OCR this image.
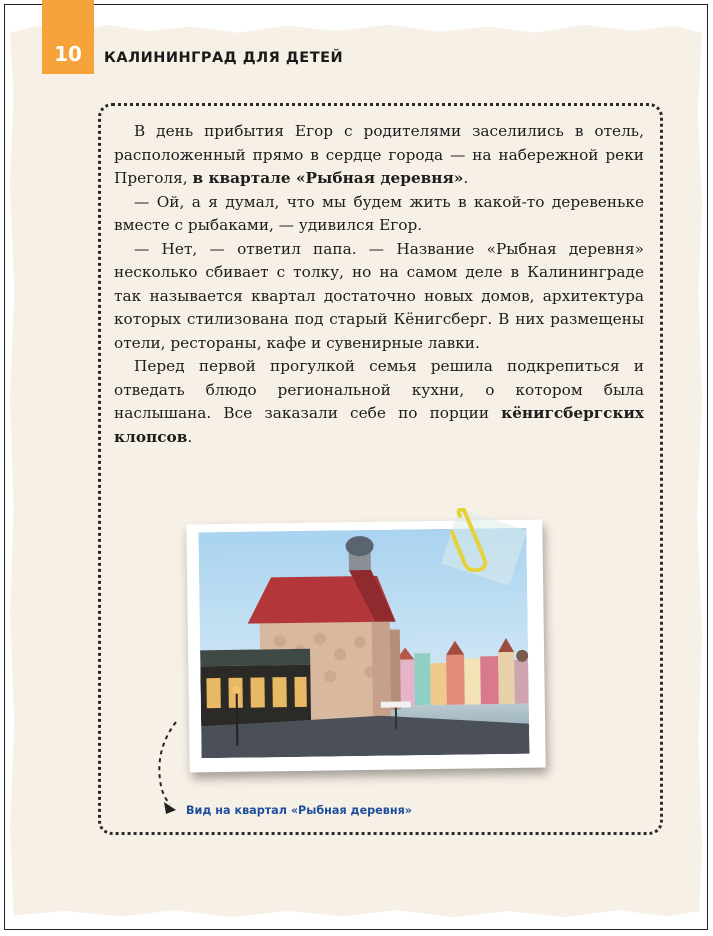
10 КАЛИНИНГРАД ДЛЯ ДЕТЕЙ

В день прибытия Егор с родителями заселились в отель, расположенный прямо в сердце города — на набережной реки Преголя, в квартале «Рыбная деревня».

— Ой, а я думал, что мы будем жить в какой-то деревеньке вместе с рыбаками, — удивился Егор.

— Нет, — ответил папа. — Название «Рыбная деревня» несколько сбивает с толку, но на самом деле в Калининграде так называется квартал достаточно новых домов, архитектура которых стилизована под старый Кёнигсберг. В них размещены отели, рестораны, кафе и сувенирные лавки.

Перед первой прогулкой семья решила подкрепиться и отведать блюдо региональной кухни, о котором была наслышана. Все заказали себе по порции кёнигсбергских клопсов.

Вид на квартал «Рыбная деревня»
